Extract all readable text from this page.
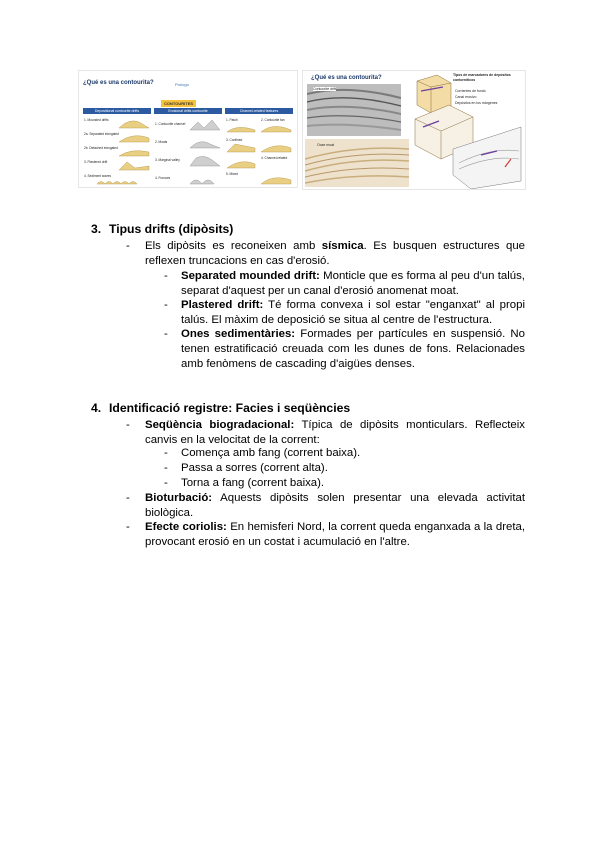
¿Qué es una contourita?	Prologo
CONTOURITES
Depositional contourite drifts
1. Mounded drifts
2a. Separated elongated
2b. Detached elongated
3. Plastered drift
4. Sediment waves
Erosional drifts contourite
1. Contourite channel
2. Moats
3. Marginal valley
4. Furrows
Channel-related features
1. Patch	2. Contourite fan
3. Confined
4. Channel-related
5. Mixed
¿Qué es una contourita?
Contourite drift
Ooze moat
Tipos de marcadores de depósitos contorníticos
Corrientes de fondo
Canal erosivo
Depósitos en los márgenes
3. Tipus drifts (dipòsits)
- Els dipòsits es reconeixen amb sísmica. Es busquen estructures que reflexen truncacions en cas d'erosió.
- Separated mounded drift: Monticle que es forma al peu d'un talús, separat d'aquest per un canal d'erosió anomenat moat.
- Plastered drift: Té forma convexa i sol estar "enganxat" al propi talús. El màxim de deposició se situa al centre de l'estructura.
- Ones sedimentàries: Formades per partícules en suspensió. No tenen estratificació creuada com les dunes de fons. Relacionades amb fenòmens de cascading d'aigües denses.
4. Identificació registre: Facies i seqüències
- Seqüència biogradacional: Típica de dipòsits monticulars. Reflecteix canvis en la velocitat de la corrent:
- Comença amb fang (corrent baixa).
- Passa a sorres (corrent alta).
- Torna a fang (corrent baixa).
- Bioturbació: Aquests dipòsits solen presentar una elevada activitat biològica.
- Efecte coriolis: En hemisferi Nord, la corrent queda enganxada a la dreta, provocant erosió en un costat i acumulació en l'altre.
